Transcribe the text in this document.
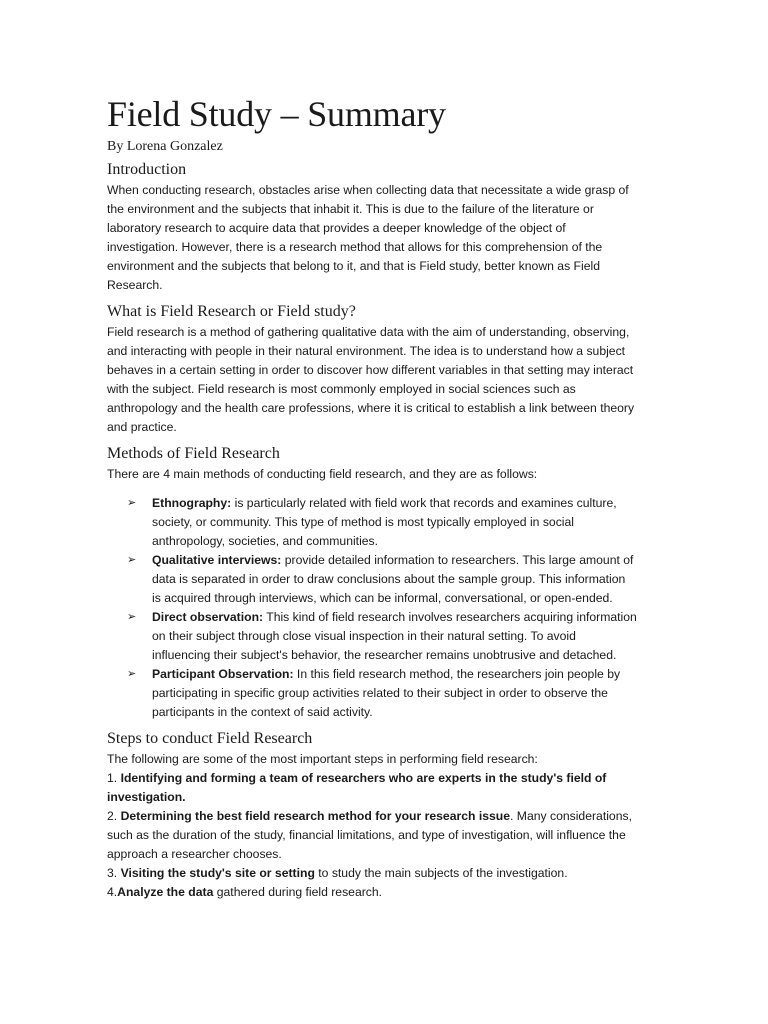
Field Study – Summary

By Lorena Gonzalez

Introduction

When conducting research, obstacles arise when collecting data that necessitate a wide grasp of the environment and the subjects that inhabit it. This is due to the failure of the literature or laboratory research to acquire data that provides a deeper knowledge of the object of investigation. However, there is a research method that allows for this comprehension of the environment and the subjects that belong to it, and that is Field study, better known as Field Research.

What is Field Research or Field study?

Field research is a method of gathering qualitative data with the aim of understanding, observing, and interacting with people in their natural environment. The idea is to understand how a subject behaves in a certain setting in order to discover how different variables in that setting may interact with the subject. Field research is most commonly employed in social sciences such as anthropology and the health care professions, where it is critical to establish a link between theory and practice.

Methods of Field Research

There are 4 main methods of conducting field research, and they are as follows:

➢ Ethnography: is particularly related with field work that records and examines culture, society, or community. This type of method is most typically employed in social anthropology, societies, and communities.
➢ Qualitative interviews: provide detailed information to researchers. This large amount of data is separated in order to draw conclusions about the sample group. This information is acquired through interviews, which can be informal, conversational, or open-ended.
➢ Direct observation: This kind of field research involves researchers acquiring information on their subject through close visual inspection in their natural setting. To avoid influencing their subject's behavior, the researcher remains unobtrusive and detached.
➢ Participant Observation: In this field research method, the researchers join people by participating in specific group activities related to their subject in order to observe the participants in the context of said activity.
Steps to conduct Field Research

The following are some of the most important steps in performing field research:

1. Identifying and forming a team of researchers who are experts in the study's field of investigation.

2. Determining the best field research method for your research issue. Many considerations, such as the duration of the study, financial limitations, and type of investigation, will influence the approach a researcher chooses.

3. Visiting the study's site or setting to study the main subjects of the investigation.

4.Analyze the data gathered during field research.
